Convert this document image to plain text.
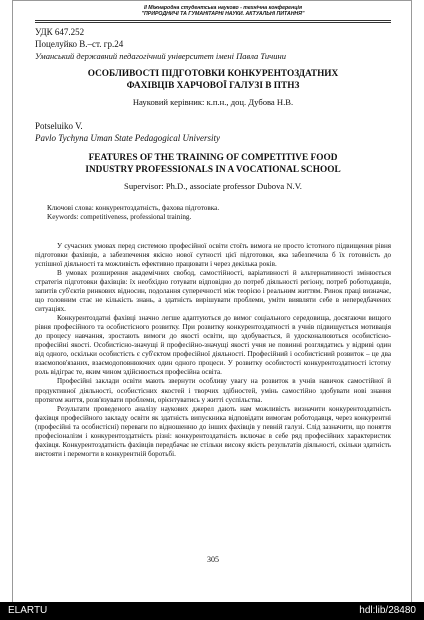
ІІ Міжнародна студентська науково - технічна конференція
"ПРИРОДНИЧІ ТА ГУМАНІТАРНІ НАУКИ. АКТУАЛЬНІ ПИТАННЯ"
УДК 647.252
Поцелуйко В.–ст. гр.24
Уманський державний педагогічний університет імені Павла Тичини
ОСОБЛИВОСТІ ПІДГОТОВКИ КОНКУРЕНТОЗДАТНИХ
ФАХІВЦІВ ХАРЧОВОЇ ГАЛУЗІ В ПТНЗ
Науковий керівник: к.п.н., доц. Дубова Н.В.
Potseluiko V.
Pavlo Tychyna Uman State Pedagogical University
FEATURES OF THE TRAINING OF COMPETITIVE FOOD
INDUSTRY PROFESSIONALS IN A VOCATIONAL SCHOOL
Supervisor: Ph.D., associate professor Dubova N.V.
Ключові слова: конкурентоздатність, фахова підготовка.
Keywords: competitiveness, professional training.

У сучасних умовах перед системою професійної освіти стоїть вимога не просто істотного підвищення рівня підготовки фахівців, а забезпечення якісно нової сутності цієї підготовки, яка забезпечила б їх готовність до успішної діяльності та можливість ефективно працювати і через декілька років.

В умовах розширення академічних свобод, самостійності, варіативності й альтернативності змінюється стратегія підготовки фахівців: їх необхідно готувати відповідно до потреб діяльності регіону, потреб роботодавців, запитів суб'єктів ринкових відносин, подолання суперечності між теорією і реальним життям. Ринок праці визначає, що головним стає не кількість знань, а здатність вирішувати проблеми, уміти виявляти себе в непередбачених ситуаціях.

Конкурентоздатні фахівці значно легше адаптуються до вимог соціального середовища, досягаючи вищого рівня професійного та особистісного розвитку. При розвитку конкурентоздатності в учнів підвищується мотивація до процесу навчання, зростають вимоги до якості освіти, що здобувається, й удосконалюються особистісно-професійні якості. Особистісно-значущі й професійно-значущі якості учня не повинні розглядатись у відриві один від одного, оскільки особистість є суб'єктом професійної діяльності. Професійний і особистісний розвиток – це два взаємопов'язаних, взаємодоповнюючих один одного процеси. У розвитку особистості конкурентоздатності істотну роль відіграє те, яким чином здійснюється професійна освіта.

Професійні заклади освіти мають звернути особливу увагу на розвиток в учнів навичок самостійної й продуктивної діяльності, особистісних якостей і творчих здібностей, умінь самостійно здобувати нові знання протягом життя, розв'язувати проблеми, орієнтуватись у житті суспільства.

Результати проведеного аналізу наукових джерел дають нам можливість визначити конкурентоздатність фахівця професійного закладу освіти як здатність випускника відповідати вимогам роботодавця, через конкурентні (професійні та особистісні) переваги по відношенню до інших фахівців у певній галузі. Слід зазначити, що поняття професіоналізм і конкурентоздатність різні: конкурентоздатність включає в себе ряд професійних характеристик фахівця. Конкурентоздатність фахівців передбачає не стільки високу якість результатів діяльності, скільки здатність вистояти і перемогти в конкурентній боротьбі.

305
ELARTU	hdl:lib/28480
